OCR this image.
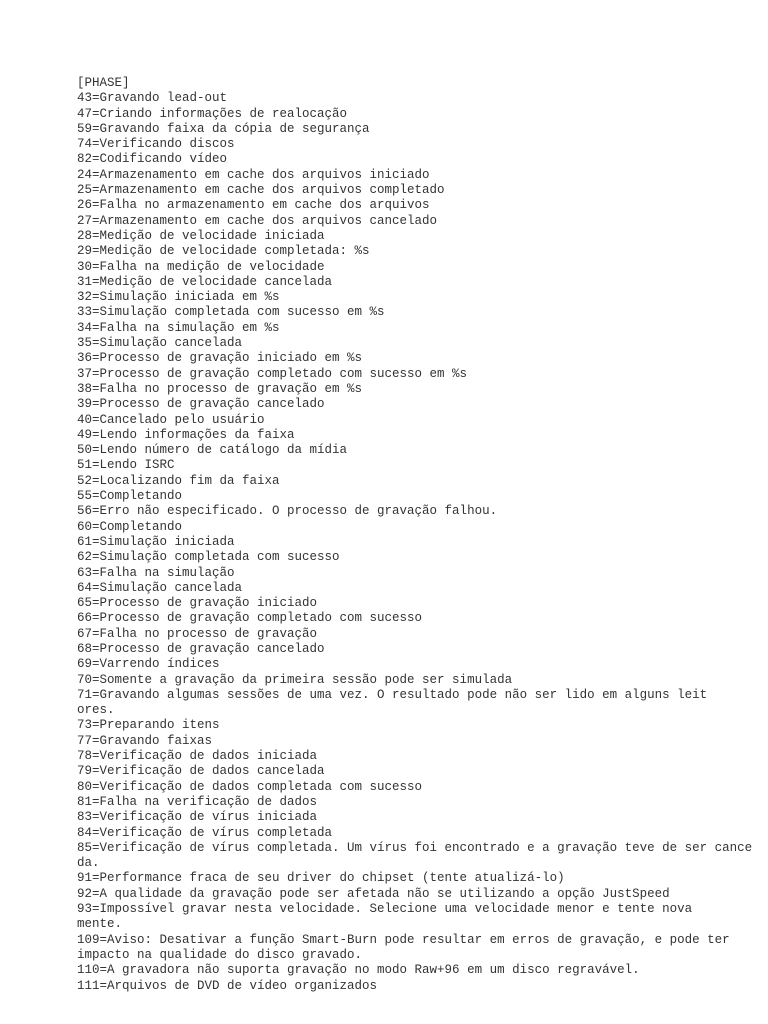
[PHASE]
43=Gravando lead-out
47=Criando informações de realocação
59=Gravando faixa da cópia de segurança
74=Verificando discos
82=Codificando vídeo
24=Armazenamento em cache dos arquivos iniciado
25=Armazenamento em cache dos arquivos completado
26=Falha no armazenamento em cache dos arquivos
27=Armazenamento em cache dos arquivos cancelado
28=Medição de velocidade iniciada
29=Medição de velocidade completada: %s
30=Falha na medição de velocidade
31=Medição de velocidade cancelada
32=Simulação iniciada em %s
33=Simulação completada com sucesso em %s
34=Falha na simulação em %s
35=Simulação cancelada
36=Processo de gravação iniciado em %s
37=Processo de gravação completado com sucesso em %s
38=Falha no processo de gravação em %s
39=Processo de gravação cancelado
40=Cancelado pelo usuário
49=Lendo informações da faixa
50=Lendo número de catálogo da mídia
51=Lendo ISRC
52=Localizando fim da faixa
55=Completando
56=Erro não especificado. O processo de gravação falhou.
60=Completando
61=Simulação iniciada
62=Simulação completada com sucesso
63=Falha na simulação
64=Simulação cancelada
65=Processo de gravação iniciado
66=Processo de gravação completado com sucesso
67=Falha no processo de gravação
68=Processo de gravação cancelado
69=Varrendo índices
70=Somente a gravação da primeira sessão pode ser simulada
71=Gravando algumas sessões de uma vez. O resultado pode não ser lido em alguns leit
ores.
73=Preparando itens
77=Gravando faixas
78=Verificação de dados iniciada
79=Verificação de dados cancelada
80=Verificação de dados completada com sucesso
81=Falha na verificação de dados
83=Verificação de vírus iniciada
84=Verificação de vírus completada
85=Verificação de vírus completada. Um vírus foi encontrado e a gravação teve de ser cance
da.
91=Performance fraca de seu driver do chipset (tente atualizá-lo)
92=A qualidade da gravação pode ser afetada não se utilizando a opção JustSpeed
93=Impossível gravar nesta velocidade. Selecione uma velocidade menor e tente nova
mente.
109=Aviso: Desativar a função Smart-Burn pode resultar em erros de gravação, e pode ter
impacto na qualidade do disco gravado.
110=A gravadora não suporta gravação no modo Raw+96 em um disco regravável.
111=Arquivos de DVD de vídeo organizados
